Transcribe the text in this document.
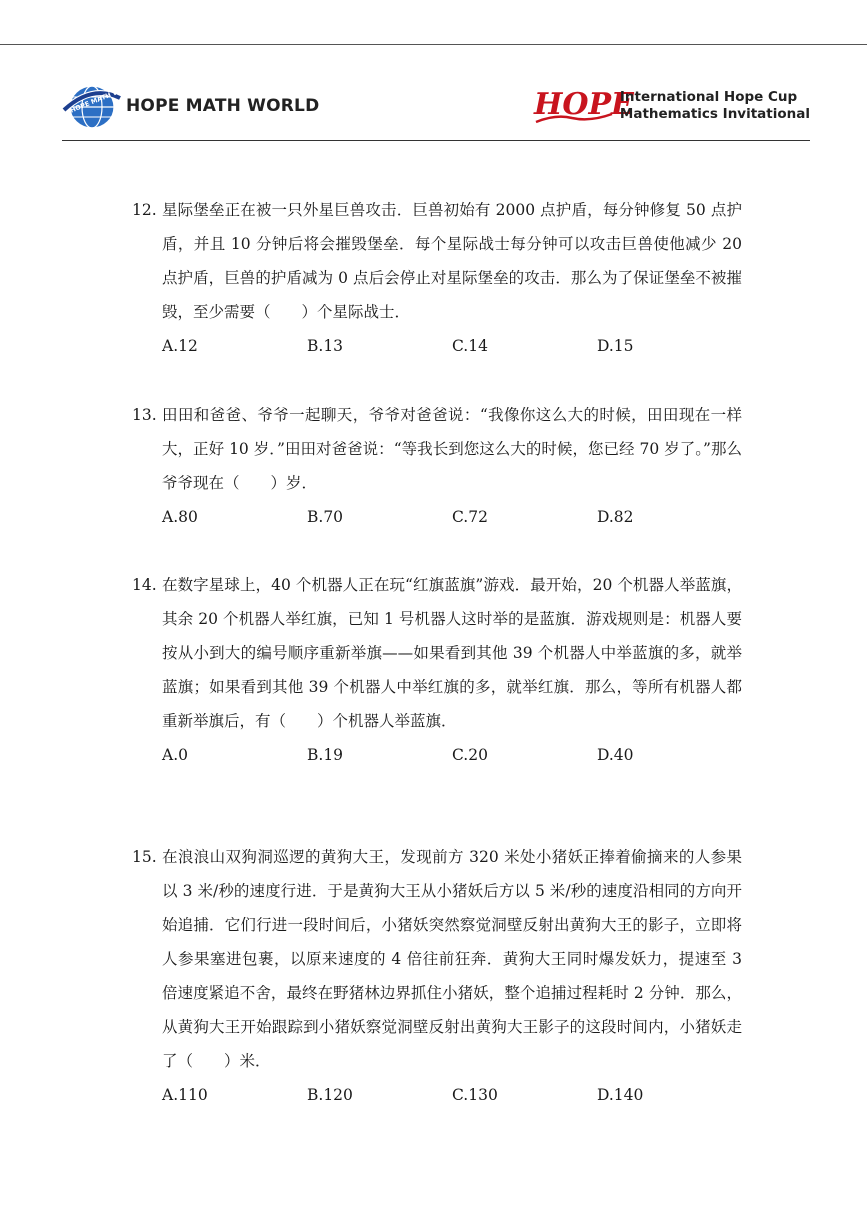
HOPE MATH WORLD
HOPE MATH WORLD	HOPE
International Hope Cup
Mathematics Invitational
12. 星际堡垒正在被一只外星巨兽攻击．巨兽初始有 2000 点护盾，每分钟修复 50 点护盾，并且 10 分钟后将会摧毁堡垒．每个星际战士每分钟可以攻击巨兽使他减少 20 点护盾，巨兽的护盾减为 0 点后会停止对星际堡垒的攻击．那么为了保证堡垒不被摧毁，至少需要（　　）个星际战士．
A.12	B.13	C.14	D.15
13. 田田和爸爸、爷爷一起聊天，爷爷对爸爸说：“我像你这么大的时候，田田现在一样大，正好 10 岁．”田田对爸爸说：“等我长到您这么大的时候，您已经 70 岁了。”那么爷爷现在（　　）岁．
A.80	B.70	C.72	D.82
14. 在数字星球上，40 个机器人正在玩“红旗蓝旗”游戏．最开始，20 个机器人举蓝旗，其余 20 个机器人举红旗，已知 1 号机器人这时举的是蓝旗．游戏规则是：机器人要按从小到大的编号顺序重新举旗——如果看到其他 39 个机器人中举蓝旗的多，就举蓝旗；如果看到其他 39 个机器人中举红旗的多，就举红旗．那么，等所有机器人都重新举旗后，有（　　）个机器人举蓝旗．
A.0	B.19	C.20	D.40
15. 在浪浪山双狗洞巡逻的黄狗大王，发现前方 320 米处小猪妖正捧着偷摘来的人参果以 3 米/秒的速度行进．于是黄狗大王从小猪妖后方以 5 米/秒的速度沿相同的方向开始追捕．它们行进一段时间后，小猪妖突然察觉洞壁反射出黄狗大王的影子，立即将人参果塞进包裹，以原来速度的 4 倍往前狂奔．黄狗大王同时爆发妖力，提速至 3 倍速度紧追不舍，最终在野猪林边界抓住小猪妖，整个追捕过程耗时 2 分钟．那么，从黄狗大王开始跟踪到小猪妖察觉洞壁反射出黄狗大王影子的这段时间内，小猪妖走了（　　）米．
A.110	B.120	C.130	D.140
